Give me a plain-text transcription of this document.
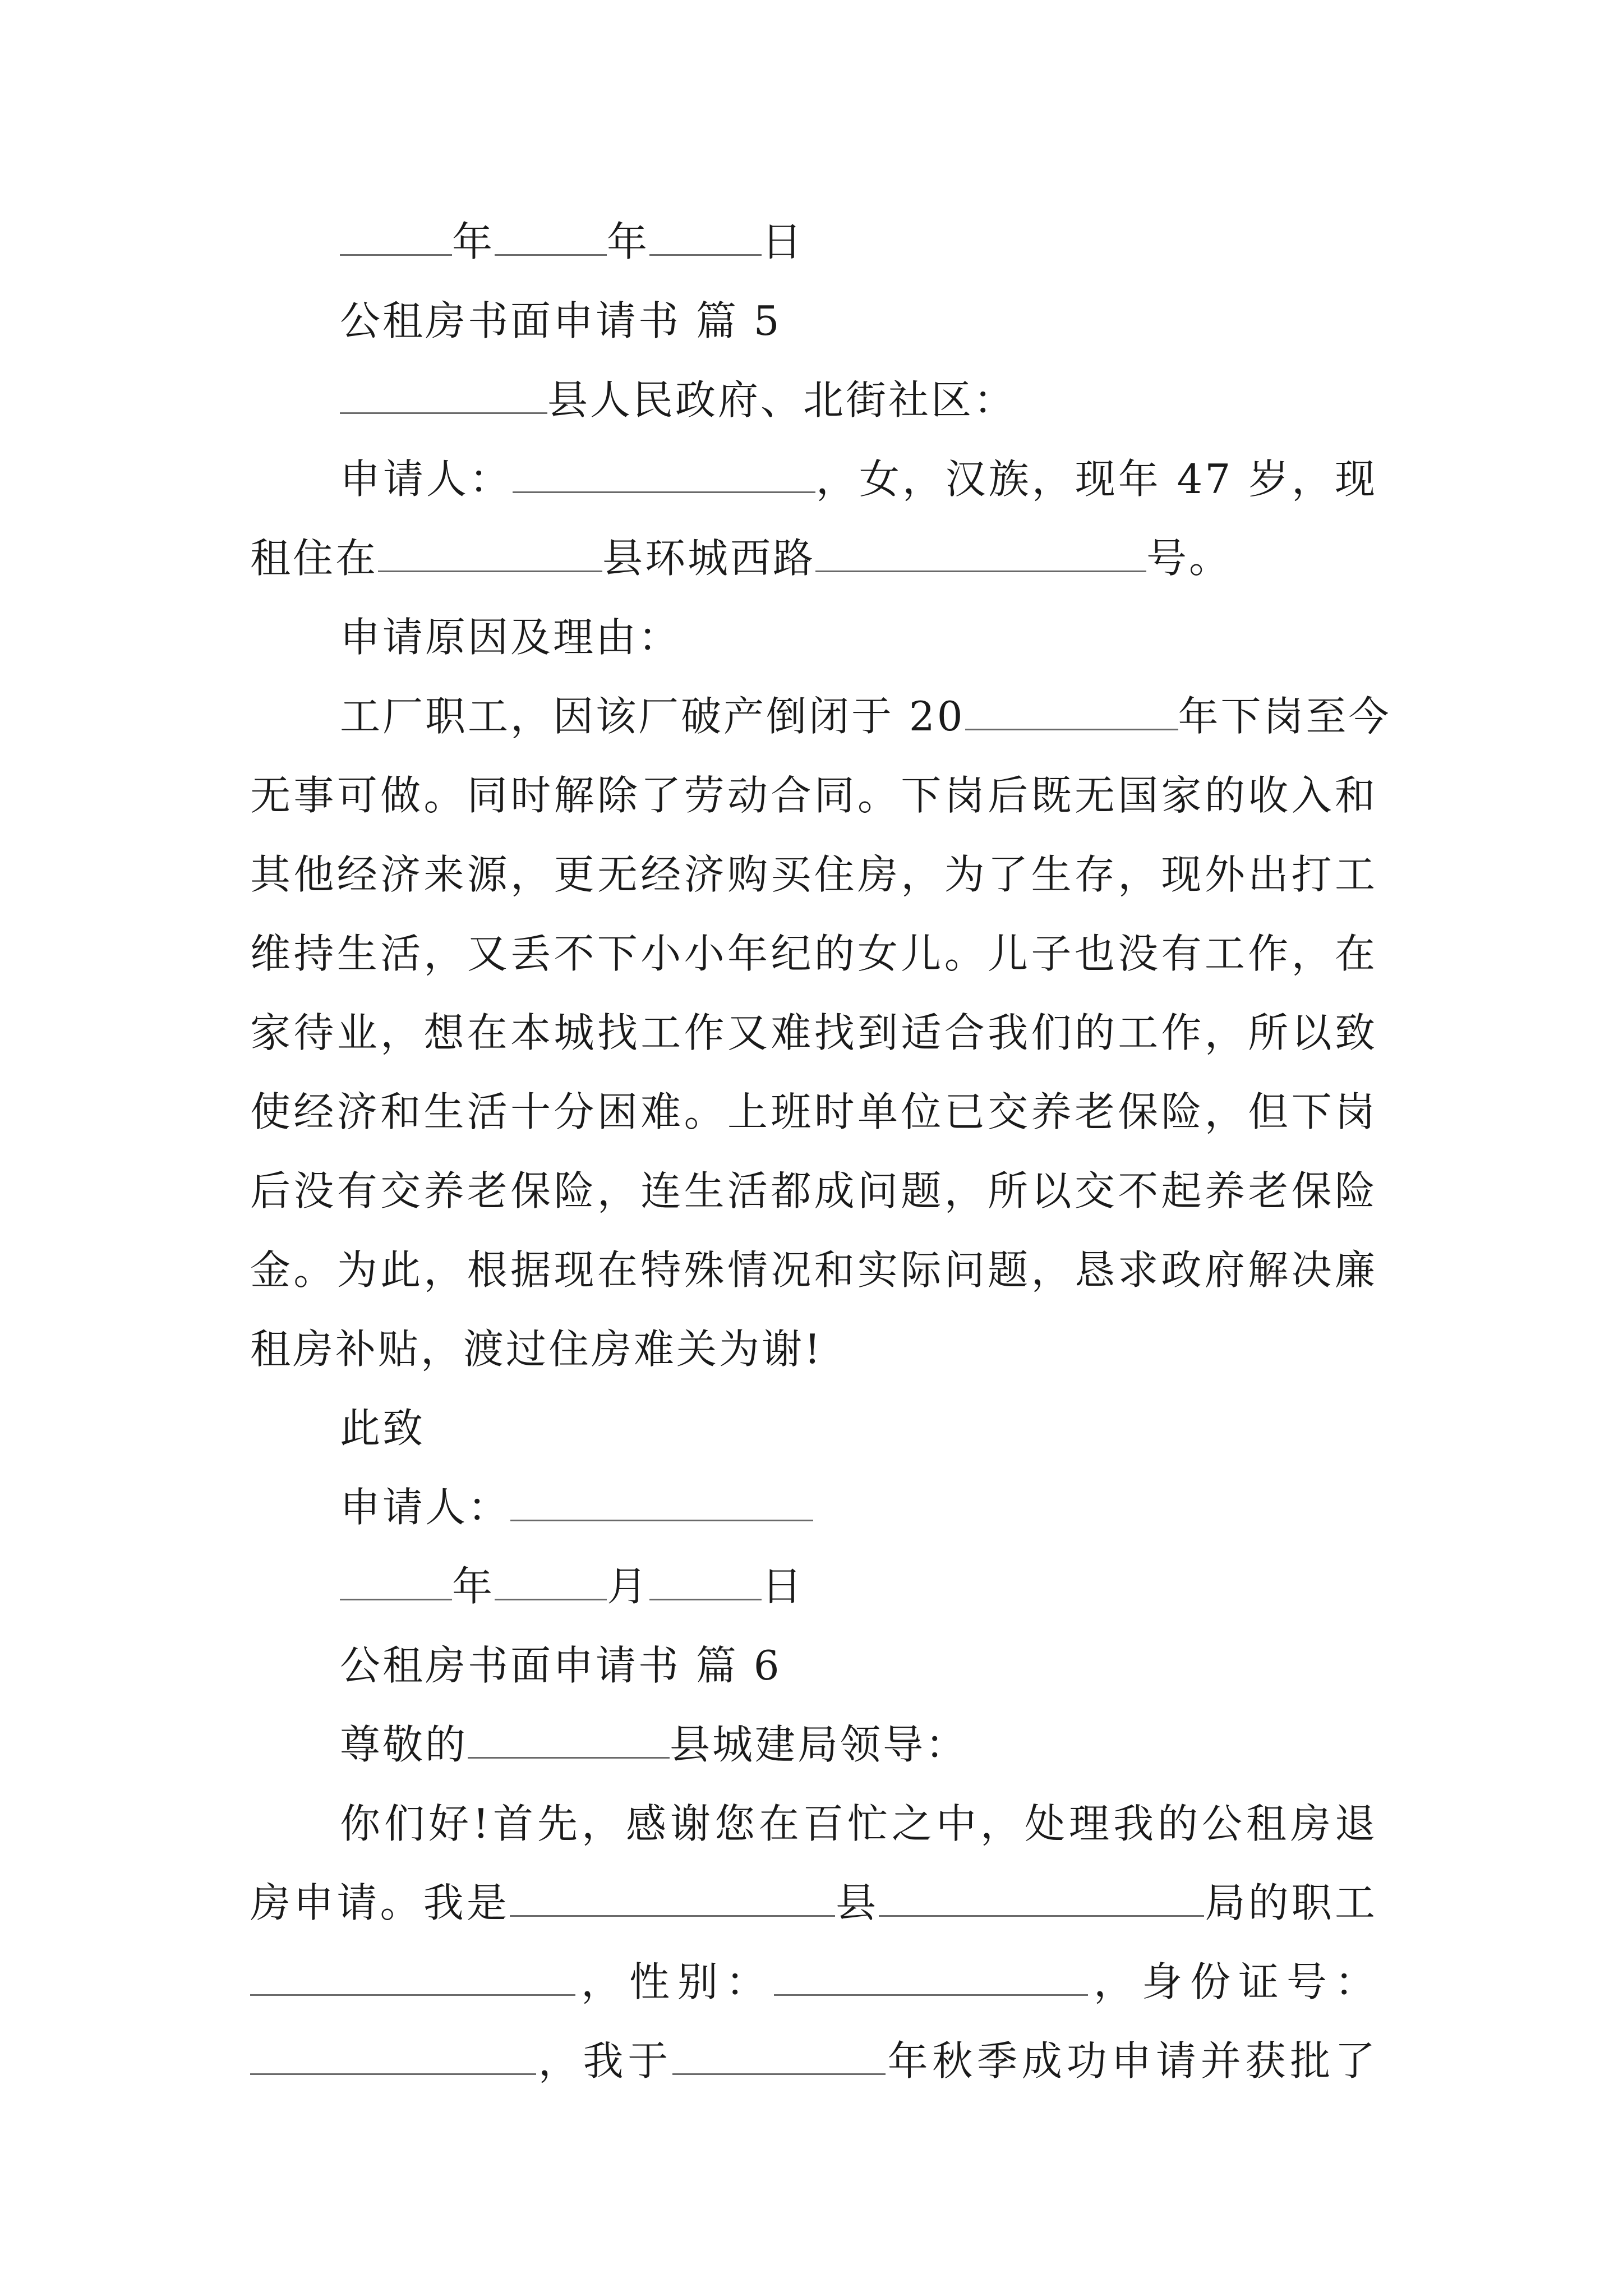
年	年	日
公租房书面申请书 篇 5
县人民政府、北街社区：
申请人：	，女，汉族，现年 47 岁，现
租住在	县环城西路	号。
申请原因及理由：
工厂职工，因该厂破产倒闭于 20	年下岗至今
无事可做。同时解除了劳动合同。下岗后既无国家的收入和
其他经济来源，更无经济购买住房，为了生存，现外出打工
维持生活，又丢不下小小年纪的女儿。儿子也没有工作，在
家待业，想在本城找工作又难找到适合我们的工作，所以致
使经济和生活十分困难。上班时单位已交养老保险，但下岗
后没有交养老保险，连生活都成问题，所以交不起养老保险
金。为此，根据现在特殊情况和实际问题，恳求政府解决廉
租房补贴，渡过住房难关为谢!
此致
申请人：
年	月	日
公租房书面申请书 篇 6
尊敬的	县城建局领导：
你们好!首先，感谢您在百忙之中，处理我的公租房退
房申请。我是	县	局的职工
，性别：	，身份证号：
，我于	年秋季成功申请并获批了
